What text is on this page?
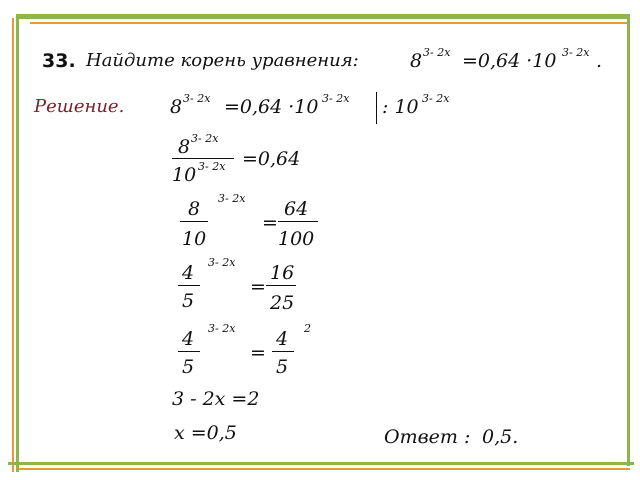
33. Найдите корень уравнения:	8 3- 2x =0,64 ·10 3- 2x .
Решение. 8 3- 2x =0,64 ·10 3- 2x : 10 3- 2x
8 3- 2x
10 3- 2x =0,64
8
10
3- 2x
=
64
100
4
5
3- 2x
=
16
25
4
5
3- 2x
=
4
5
2
3 - 2x =2
x =0,5	Ответ : 0,5.
